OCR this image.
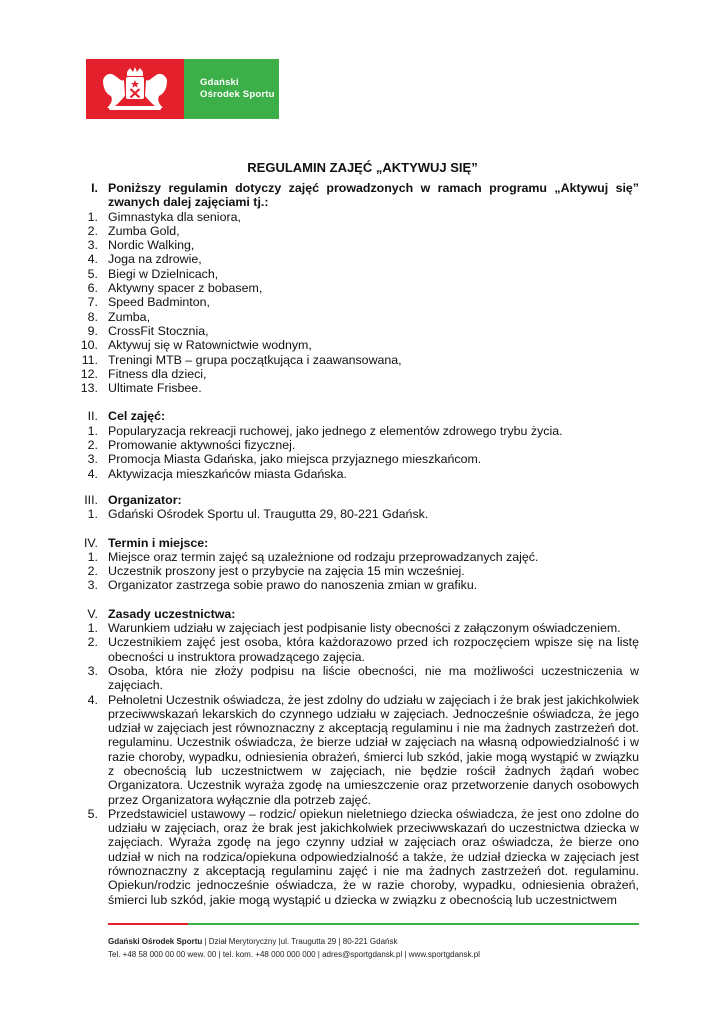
Gdański
Ośrodek Sportu
REGULAMIN ZAJĘĆ „AKTYWUJ SIĘ”
I. Poniższy regulamin dotyczy zajęć prowadzonych w ramach programu „Aktywuj się” zwanych dalej zajęciami tj.:
1. Gimnastyka dla seniora,
2. Zumba Gold,
3. Nordic Walking,
4. Joga na zdrowie,
5. Biegi w Dzielnicach,
6. Aktywny spacer z bobasem,
7. Speed Badminton,
8. Zumba,
9. CrossFit Stocznia,
10. Aktywuj się w Ratownictwie wodnym,
11. Treningi MTB – grupa początkująca i zaawansowana,
12. Fitness dla dzieci,
13. Ultimate Frisbee.
II. Cel zajęć:
1. Popularyzacja rekreacji ruchowej, jako jednego z elementów zdrowego trybu życia.
2. Promowanie aktywności fizycznej.
3. Promocja Miasta Gdańska, jako miejsca przyjaznego mieszkańcom.
4. Aktywizacja mieszkańców miasta Gdańska.
III. Organizator:
1. Gdański Ośrodek Sportu ul. Traugutta 29, 80-221 Gdańsk.
IV. Termin i miejsce:
1. Miejsce oraz termin zajęć są uzależnione od rodzaju przeprowadzanych zajęć.
2. Uczestnik proszony jest o przybycie na zajęcia 15 min wcześniej.
3. Organizator zastrzega sobie prawo do nanoszenia zmian w grafiku.
V. Zasady uczestnictwa:
1. Warunkiem udziału w zajęciach jest podpisanie listy obecności z załączonym oświadczeniem.
2. Uczestnikiem zajęć jest osoba, która każdorazowo przed ich rozpoczęciem wpisze się na listę obecności u instruktora prowadzącego zajęcia.
3. Osoba, która nie złoży podpisu na liście obecności, nie ma możliwości uczestniczenia w zajęciach.
4. Pełnoletni Uczestnik oświadcza, że jest zdolny do udziału w zajęciach i że brak jest jakichkolwiek przeciwwskazań lekarskich do czynnego udziału w zajęciach. Jednocześnie oświadcza, że jego udział w zajęciach jest równoznaczny z akceptacją regulaminu i nie ma żadnych zastrzeżeń dot. regulaminu. Uczestnik oświadcza, że bierze udział w zajęciach na własną odpowiedzialność i w razie choroby, wypadku, odniesienia obrażeń, śmierci lub szkód, jakie mogą wystąpić w związku z obecnością lub uczestnictwem w zajęciach, nie będzie rościł żadnych żądań wobec Organizatora. Uczestnik wyraża zgodę na umieszczenie oraz przetworzenie danych osobowych przez Organizatora wyłącznie dla potrzeb zajęć.
5. Przedstawiciel ustawowy – rodzic/ opiekun nieletniego dziecka oświadcza, że jest ono zdolne do udziału w zajęciach, oraz że brak jest jakichkolwiek przeciwwskazań do uczestnictwa dziecka w zajęciach. Wyraża zgodę na jego czynny udział w zajęciach oraz oświadcza, że bierze ono udział w nich na rodzica/opiekuna odpowiedzialność a także, że udział dziecka w zajęciach jest równoznaczny z akceptacją regulaminu zajęć i nie ma żadnych zastrzeżeń dot. regulaminu. Opiekun/rodzic jednocześnie oświadcza, że w razie choroby, wypadku, odniesienia obrażeń, śmierci lub szkód, jakie mogą wystąpić u dziecka w związku z obecnością lub uczestnictwem
Gdański Ośrodek Sportu | Dział Merytoryczny |ul. Traugutta 29 | 80-221 Gdańsk
Tel. +48 58 000 00 00 wew. 00 | tel. kom. +48 000 000 000 | adres@sportgdansk.pl | www.sportgdansk.pl
